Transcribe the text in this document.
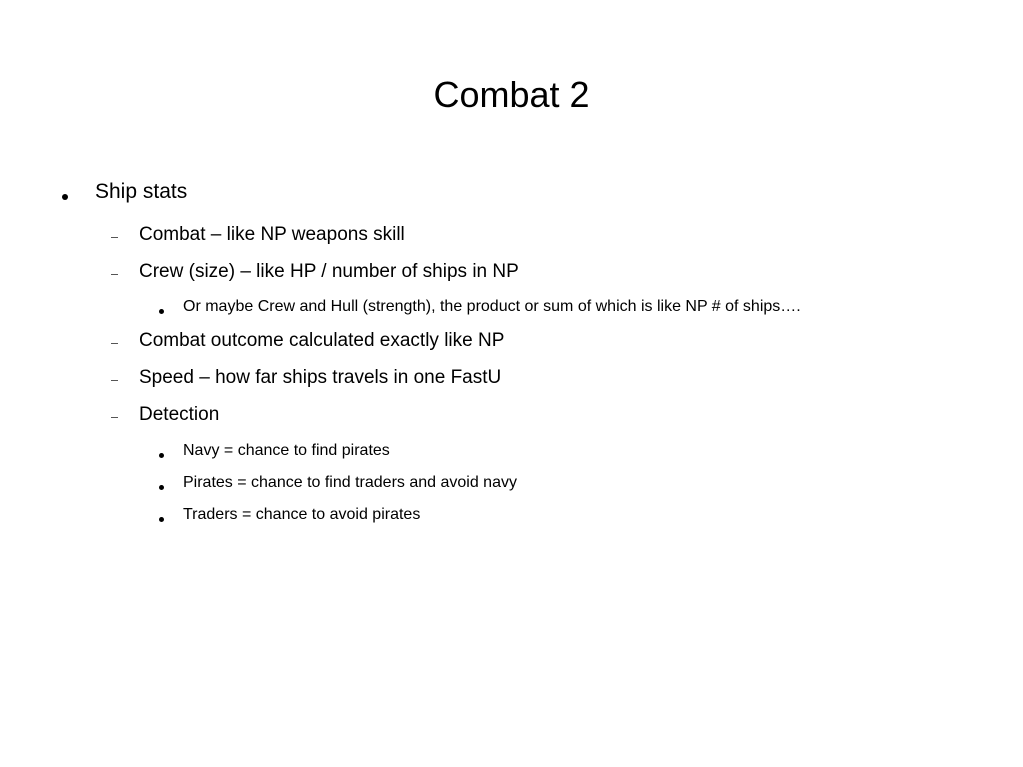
Combat 2
Ship stats
Combat – like NP weapons skill
Crew (size) – like HP / number of ships in NP
Or maybe Crew and Hull (strength), the product or sum of which is like NP # of ships….
Combat outcome calculated exactly like NP
Speed – how far ships travels in one FastU
Detection
Navy = chance to find pirates
Pirates = chance to find traders and avoid navy
Traders = chance to avoid pirates
